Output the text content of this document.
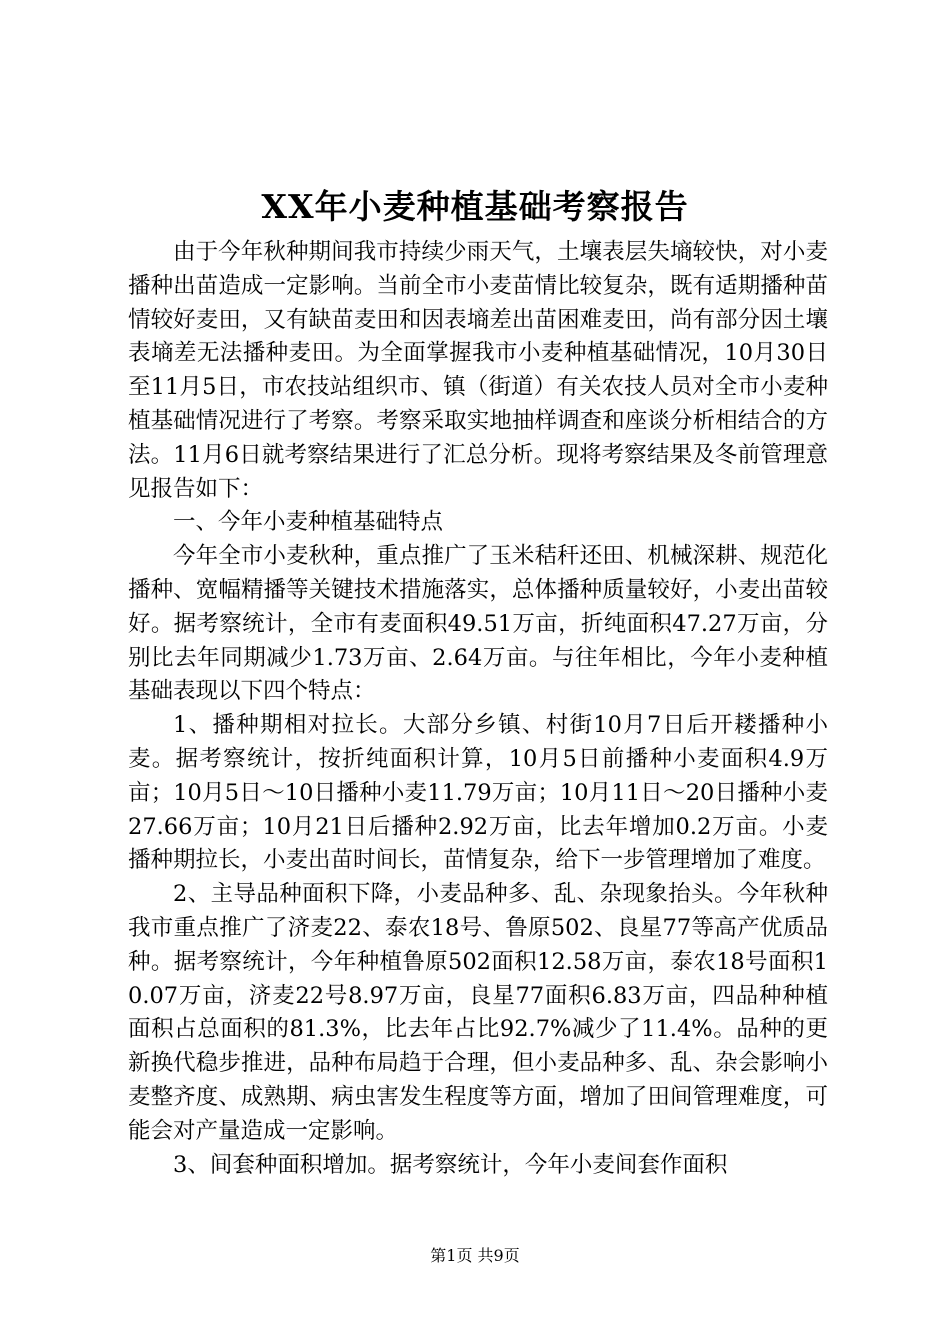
XX年小麦种植基础考察报告

由于今年秋种期间我市持续少雨天气，土壤表层失墒较快，对小麦播种出苗造成一定影响。当前全市小麦苗情比较复杂，既有适期播种苗情较好麦田，又有缺苗麦田和因表墒差出苗困难麦田，尚有部分因土壤表墒差无法播种麦田。为全面掌握我市小麦种植基础情况，10月30日至11月5日，市农技站组织市、镇（街道）有关农技人员对全市小麦种植基础情况进行了考察。考察采取实地抽样调查和座谈分析相结合的方法。11月6日就考察结果进行了汇总分析。现将考察结果及冬前管理意见报告如下：

一、今年小麦种植基础特点

今年全市小麦秋种，重点推广了玉米秸秆还田、机械深耕、规范化播种、宽幅精播等关键技术措施落实，总体播种质量较好，小麦出苗较好。据考察统计，全市有麦面积49.51万亩，折纯面积47.27万亩，分别比去年同期减少1.73万亩、2.64万亩。与往年相比，今年小麦种植基础表现以下四个特点：

1、播种期相对拉长。大部分乡镇、村街10月7日后开耧播种小麦。据考察统计，按折纯面积计算，10月5日前播种小麦面积4.9万亩；10月5日～10日播种小麦11.79万亩；10月11日～20日播种小麦27.66万亩；10月21日后播种2.92万亩，比去年增加0.2万亩。小麦播种期拉长，小麦出苗时间长，苗情复杂，给下一步管理增加了难度。

2、主导品种面积下降，小麦品种多、乱、杂现象抬头。今年秋种我市重点推广了济麦22、泰农18号、鲁原502、良星77等高产优质品种。据考察统计，今年种植鲁原502面积12.58万亩，泰农18号面积10.07万亩，济麦22号8.97万亩，良星77面积6.83万亩，四品种种植面积占总面积的81.3%，比去年占比92.7%减少了11.4%。品种的更新换代稳步推进，品种布局趋于合理，但小麦品种多、乱、杂会影响小麦整齐度、成熟期、病虫害发生程度等方面，增加了田间管理难度，可能会对产量造成一定影响。

3、间套种面积增加。据考察统计，今年小麦间套作面积

第1页 共9页
